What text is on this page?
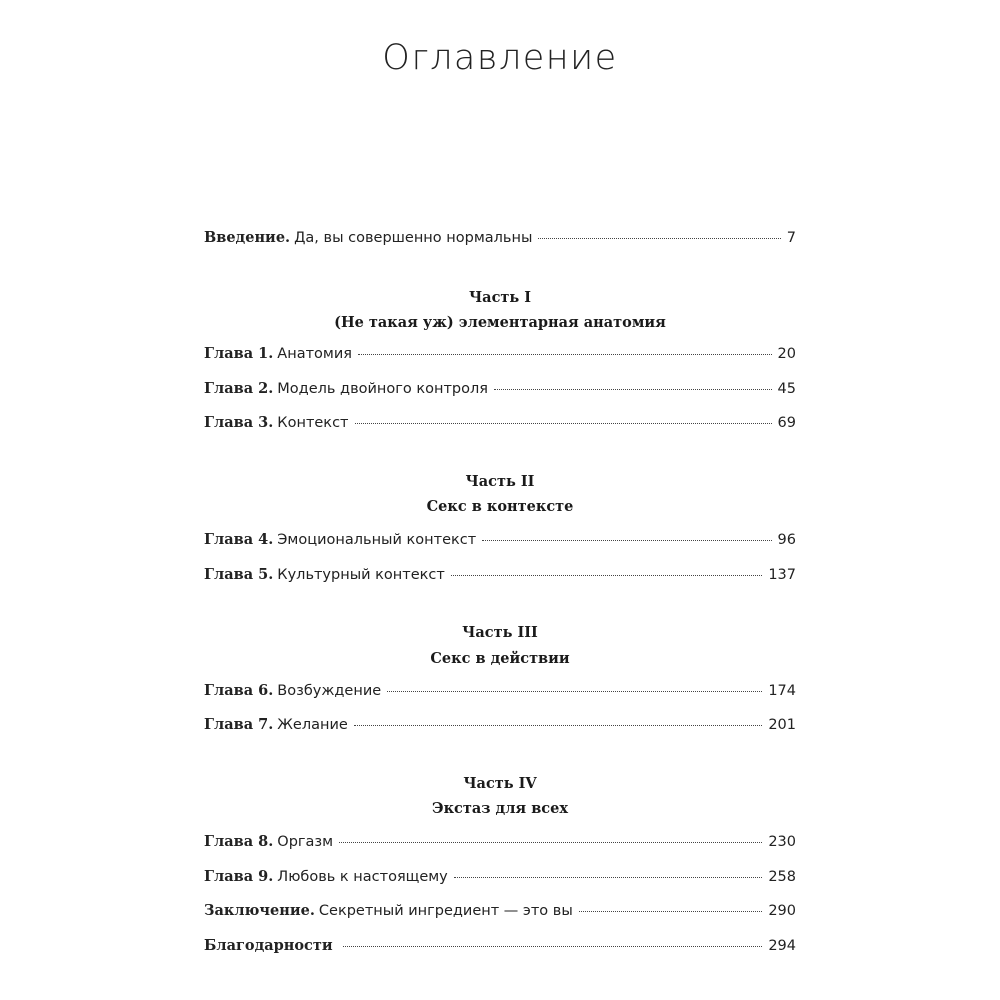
Оглавление
Введение. Да, вы совершенно нормальны	7
Часть I
(Не такая уж) элементарная анатомия
Глава 1. Анатомия	20
Глава 2. Модель двойного контроля	45
Глава 3. Контекст	69
Часть II
Секс в контексте
Глава 4. Эмоциональный контекст	96
Глава 5. Культурный контекст	137
Часть III
Секс в действии
Глава 6. Возбуждение	174
Глава 7. Желание	201
Часть IV
Экстаз для всех
Глава 8. Оргазм	230
Глава 9. Любовь к настоящему	258
Заключение. Секретный ингредиент — это вы	290
Благодарности	294
